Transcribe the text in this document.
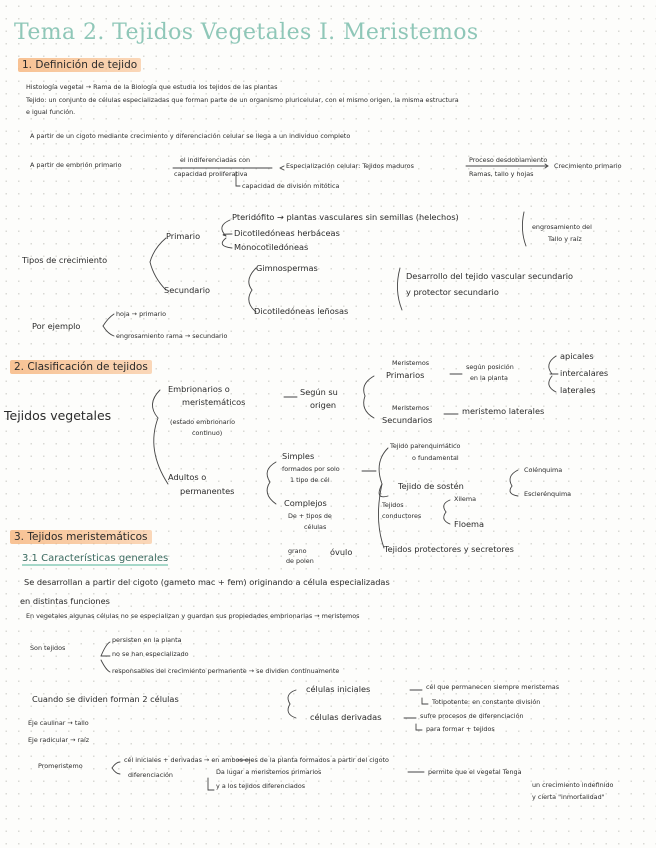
Tema 2. Tejidos Vegetales I. Meristemos
1. Definición de tejido
Histología vegetal → Rama de la Biología que estudia los tejidos de las plantas
Tejido: un conjunto de células especializadas que forman parte de un organismo pluricelular, con el mismo origen, la misma estructura
e igual función.
A partir de un cigoto mediante crecimiento y diferenciación celular se llega a un individuo completo
A partir de embrión primario
el indiferenciadas con
capacidad proliferativa
Especialización celular: Tejidos maduros
Proceso desdoblamiento
Ramas, tallo y hojas
Crecimiento primario
capacidad de división mitótica
Tipos de crecimiento
Primario
Pteridófito → plantas vasculares sin semillas (helechos)
Dicotiledóneas herbáceas
Monocotiledóneas
engrosamiento del
Tallo y raíz
Secundario
Gimnospermas
Dicotiledóneas leñosas
Desarrollo del tejido vascular secundario
y protector secundario
Por ejemplo
hoja → primario
engrosamiento rama → secundario
2. Clasificación de tejidos
Tejidos vegetales
Embrionarios o
meristemáticos
(estado embrionario
continuo)
Según su
origen
Meristemos
Primarios
según posición
en la planta
apicales
intercalares
laterales
Meristemos
Secundarios
meristemo laterales
Adultos o
permanentes
Simples
formados por solo
1 tipo de cél
Complejos
De + tipos de
células
Tejido parenquimático
o fundamental
Tejido de sostén
Colénquima
Esclerénquima
Tejidos
conductores
Xilema
Floema
Tejidos protectores y secretores
3. Tejidos meristemáticos
3.1 Características generales
grano
de polen
óvulo
Se desarrollan a partir del cigoto (gameto mac + fem) originando a célula especializadas
en distintas funciones
En vegetales algunas células no se especializan y guardan sus propiedades embrionarias → meristemos
Son tejidos
persisten en la planta
no se han especializado
responsables del crecimiento permanente → se dividen continuamente
Cuando se dividen forman 2 células
células iniciales	cél que permanecen siempre meristemas
Totipotente: en constante división
células derivadas	sufre procesos de diferenciación
para formar + tejidos
Eje caulinar → tallo
Eje radicular → raíz
Promeristemo
cél iniciales + derivadas → en ambos ejes de la planta formados a partir del cigoto
diferenciación	Da lugar a meristemos primarios
y a los tejidos diferenciados
permite que el vegetal Tenga
un crecimiento indefinido
y cierta "inmortalidad"
